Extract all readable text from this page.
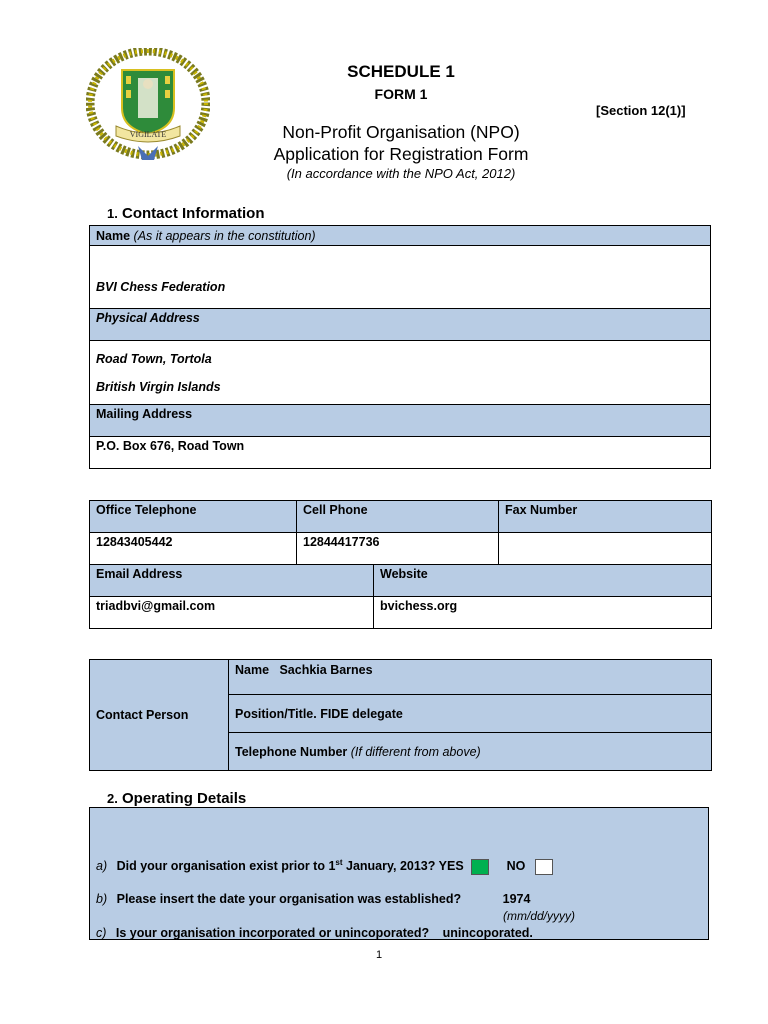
VIGILATE
SCHEDULE 1
FORM 1
[Section 12(1)]
Non-Profit Organisation (NPO)
Application for Registration Form
(In accordance with the NPO Act, 2012)
1. Contact Information
Name (As it appears in the constitution)
BVI Chess Federation
Physical Address

Road Town, Tortola
British Virgin Islands

Mailing Address
P.O. Box 676, Road Town
Office Telephone	Cell Phone		Fax Number
12843405442	12844417736		
Email Address		Website	
triadbvi@gmail.com		bvichess.org	
Contact Person	Name   Sachkia Barnes
Position/Title. FIDE delegate
Telephone Number (If different from above)
2. Operating Details
a) Did your organisation exist prior to 1st January, 2013? YES	NO
b) Please insert the date your organisation was established?	1974
(mm/dd/yyyy)
c) Is your organisation incorporated or unincoporated? unincoporated.
1
